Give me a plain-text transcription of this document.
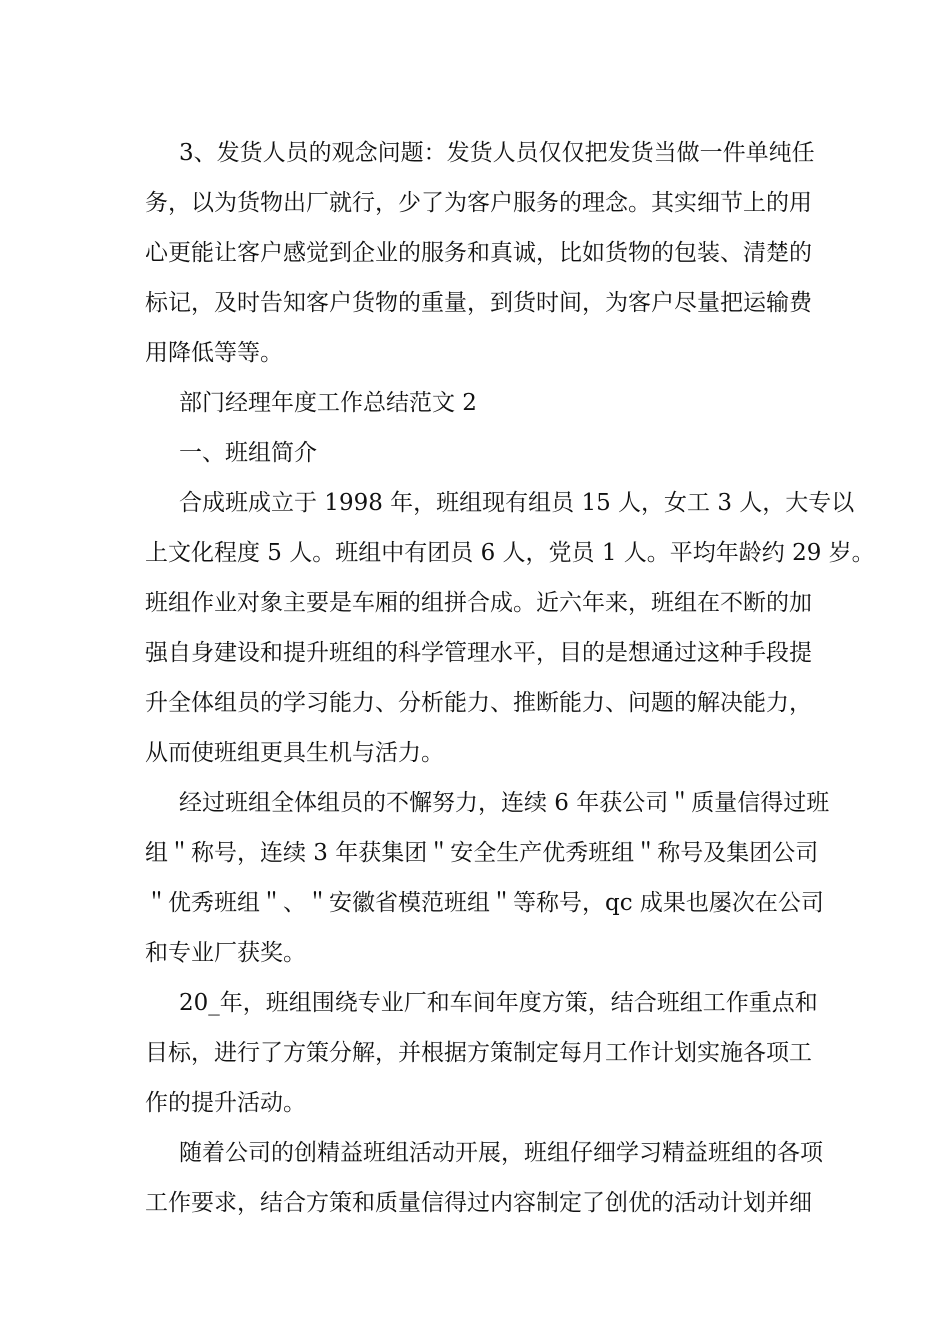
3、发货人员的观念问题：发货人员仅仅把发货当做一件单纯任
务，以为货物出厂就行，少了为客户服务的理念。其实细节上的用
心更能让客户感觉到企业的服务和真诚，比如货物的包装、清楚的
标记，及时告知客户货物的重量，到货时间，为客户尽量把运输费
用降低等等。
部门经理年度工作总结范文 2
一、班组简介
合成班成立于 1998 年，班组现有组员 15 人，女工 3 人，大专以
上文化程度 5 人。班组中有团员 6 人，党员 1 人。平均年龄约 29 岁。
班组作业对象主要是车厢的组拼合成。近六年来，班组在不断的加
强自身建设和提升班组的科学管理水平，目的是想通过这种手段提
升全体组员的学习能力、分析能力、推断能力、问题的解决能力，
从而使班组更具生机与活力。
经过班组全体组员的不懈努力，连续 6 年获公司＂质量信得过班
组＂称号，连续 3 年获集团＂安全生产优秀班组＂称号及集团公司
＂优秀班组＂、＂安徽省模范班组＂等称号，qc 成果也屡次在公司
和专业厂获奖。
20_年，班组围绕专业厂和车间年度方策，结合班组工作重点和
目标，进行了方策分解，并根据方策制定每月工作计划实施各项工
作的提升活动。
随着公司的创精益班组活动开展，班组仔细学习精益班组的各项
工作要求，结合方策和质量信得过内容制定了创优的活动计划并细
